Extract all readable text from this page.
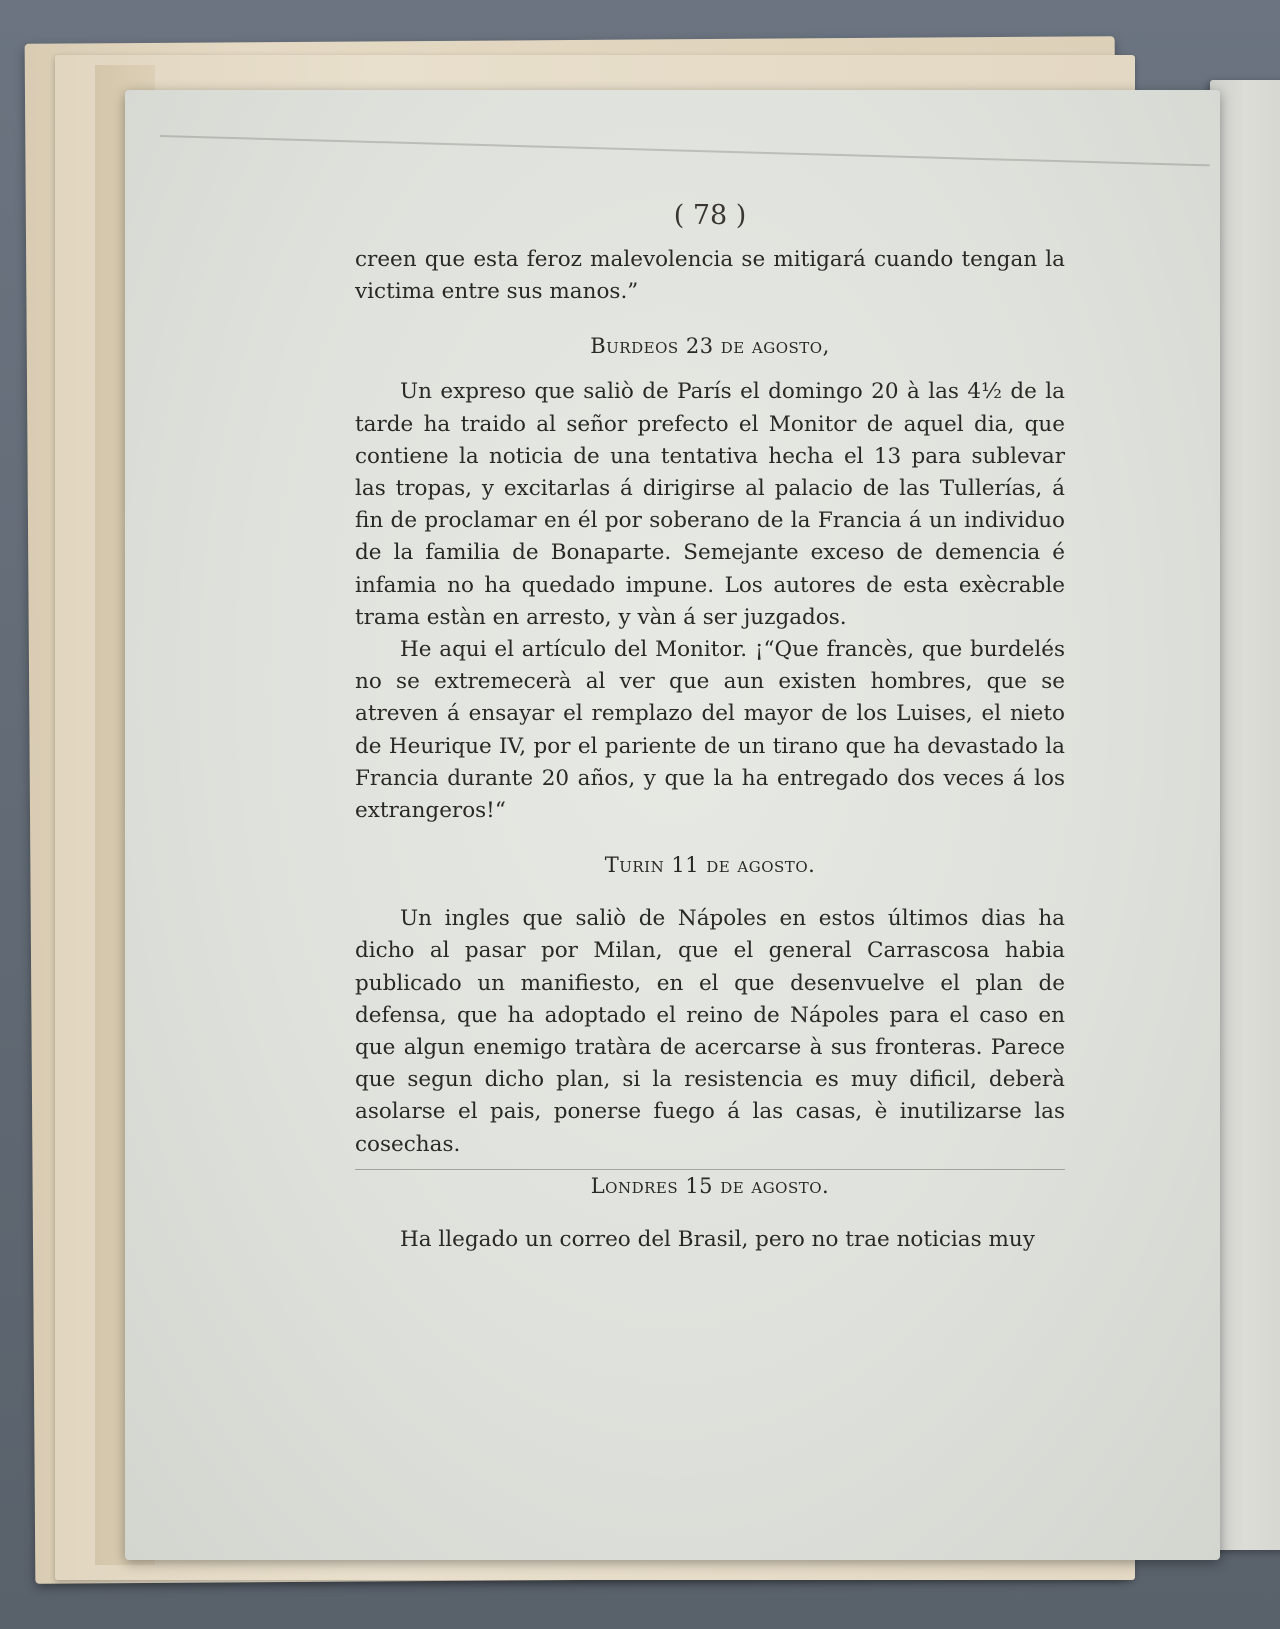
( 78 )

creen que esta feroz malevolencia se mitigará cuando tengan la victima entre sus manos.”

Burdeos 23 de agosto,

Un expreso que saliò de París el domingo 20 à las 4½ de la tarde ha traido al señor prefecto el Monitor de aquel dia, que contiene la noticia de una tentativa hecha el 13 para sublevar las tropas, y excitarlas á dirigirse al palacio de las Tullerías, á fin de proclamar en él por soberano de la Francia á un individuo de la familia de Bonaparte. Semejante exceso de demencia é infamia no ha quedado impune. Los autores de esta exècrable trama estàn en arresto, y vàn á ser juzgados.

He aqui el artículo del Monitor. ¡“Que francès, que burdelés no se extremecerà al ver que aun existen hombres, que se atreven á ensayar el remplazo del mayor de los Luises, el nieto de Heurique IV, por el pariente de un tirano que ha devastado la Francia durante 20 años, y que la ha entregado dos veces á los extrangeros!“

Turin 11 de agosto.

Un ingles que saliò de Nápoles en estos últimos dias ha dicho al pasar por Milan, que el general Carrascosa habia publicado un manifiesto, en el que desenvuelve el plan de defensa, que ha adoptado el reino de Nápoles para el caso en que algun enemigo tratàra de acercarse à sus fronteras. Parece que segun dicho plan, si la resistencia es muy dificil, deberà asolarse el pais, ponerse fuego á las casas, è inutilizarse las cosechas.

Londres 15 de agosto.

Ha llegado un correo del Brasil, pero no trae noticias muy
